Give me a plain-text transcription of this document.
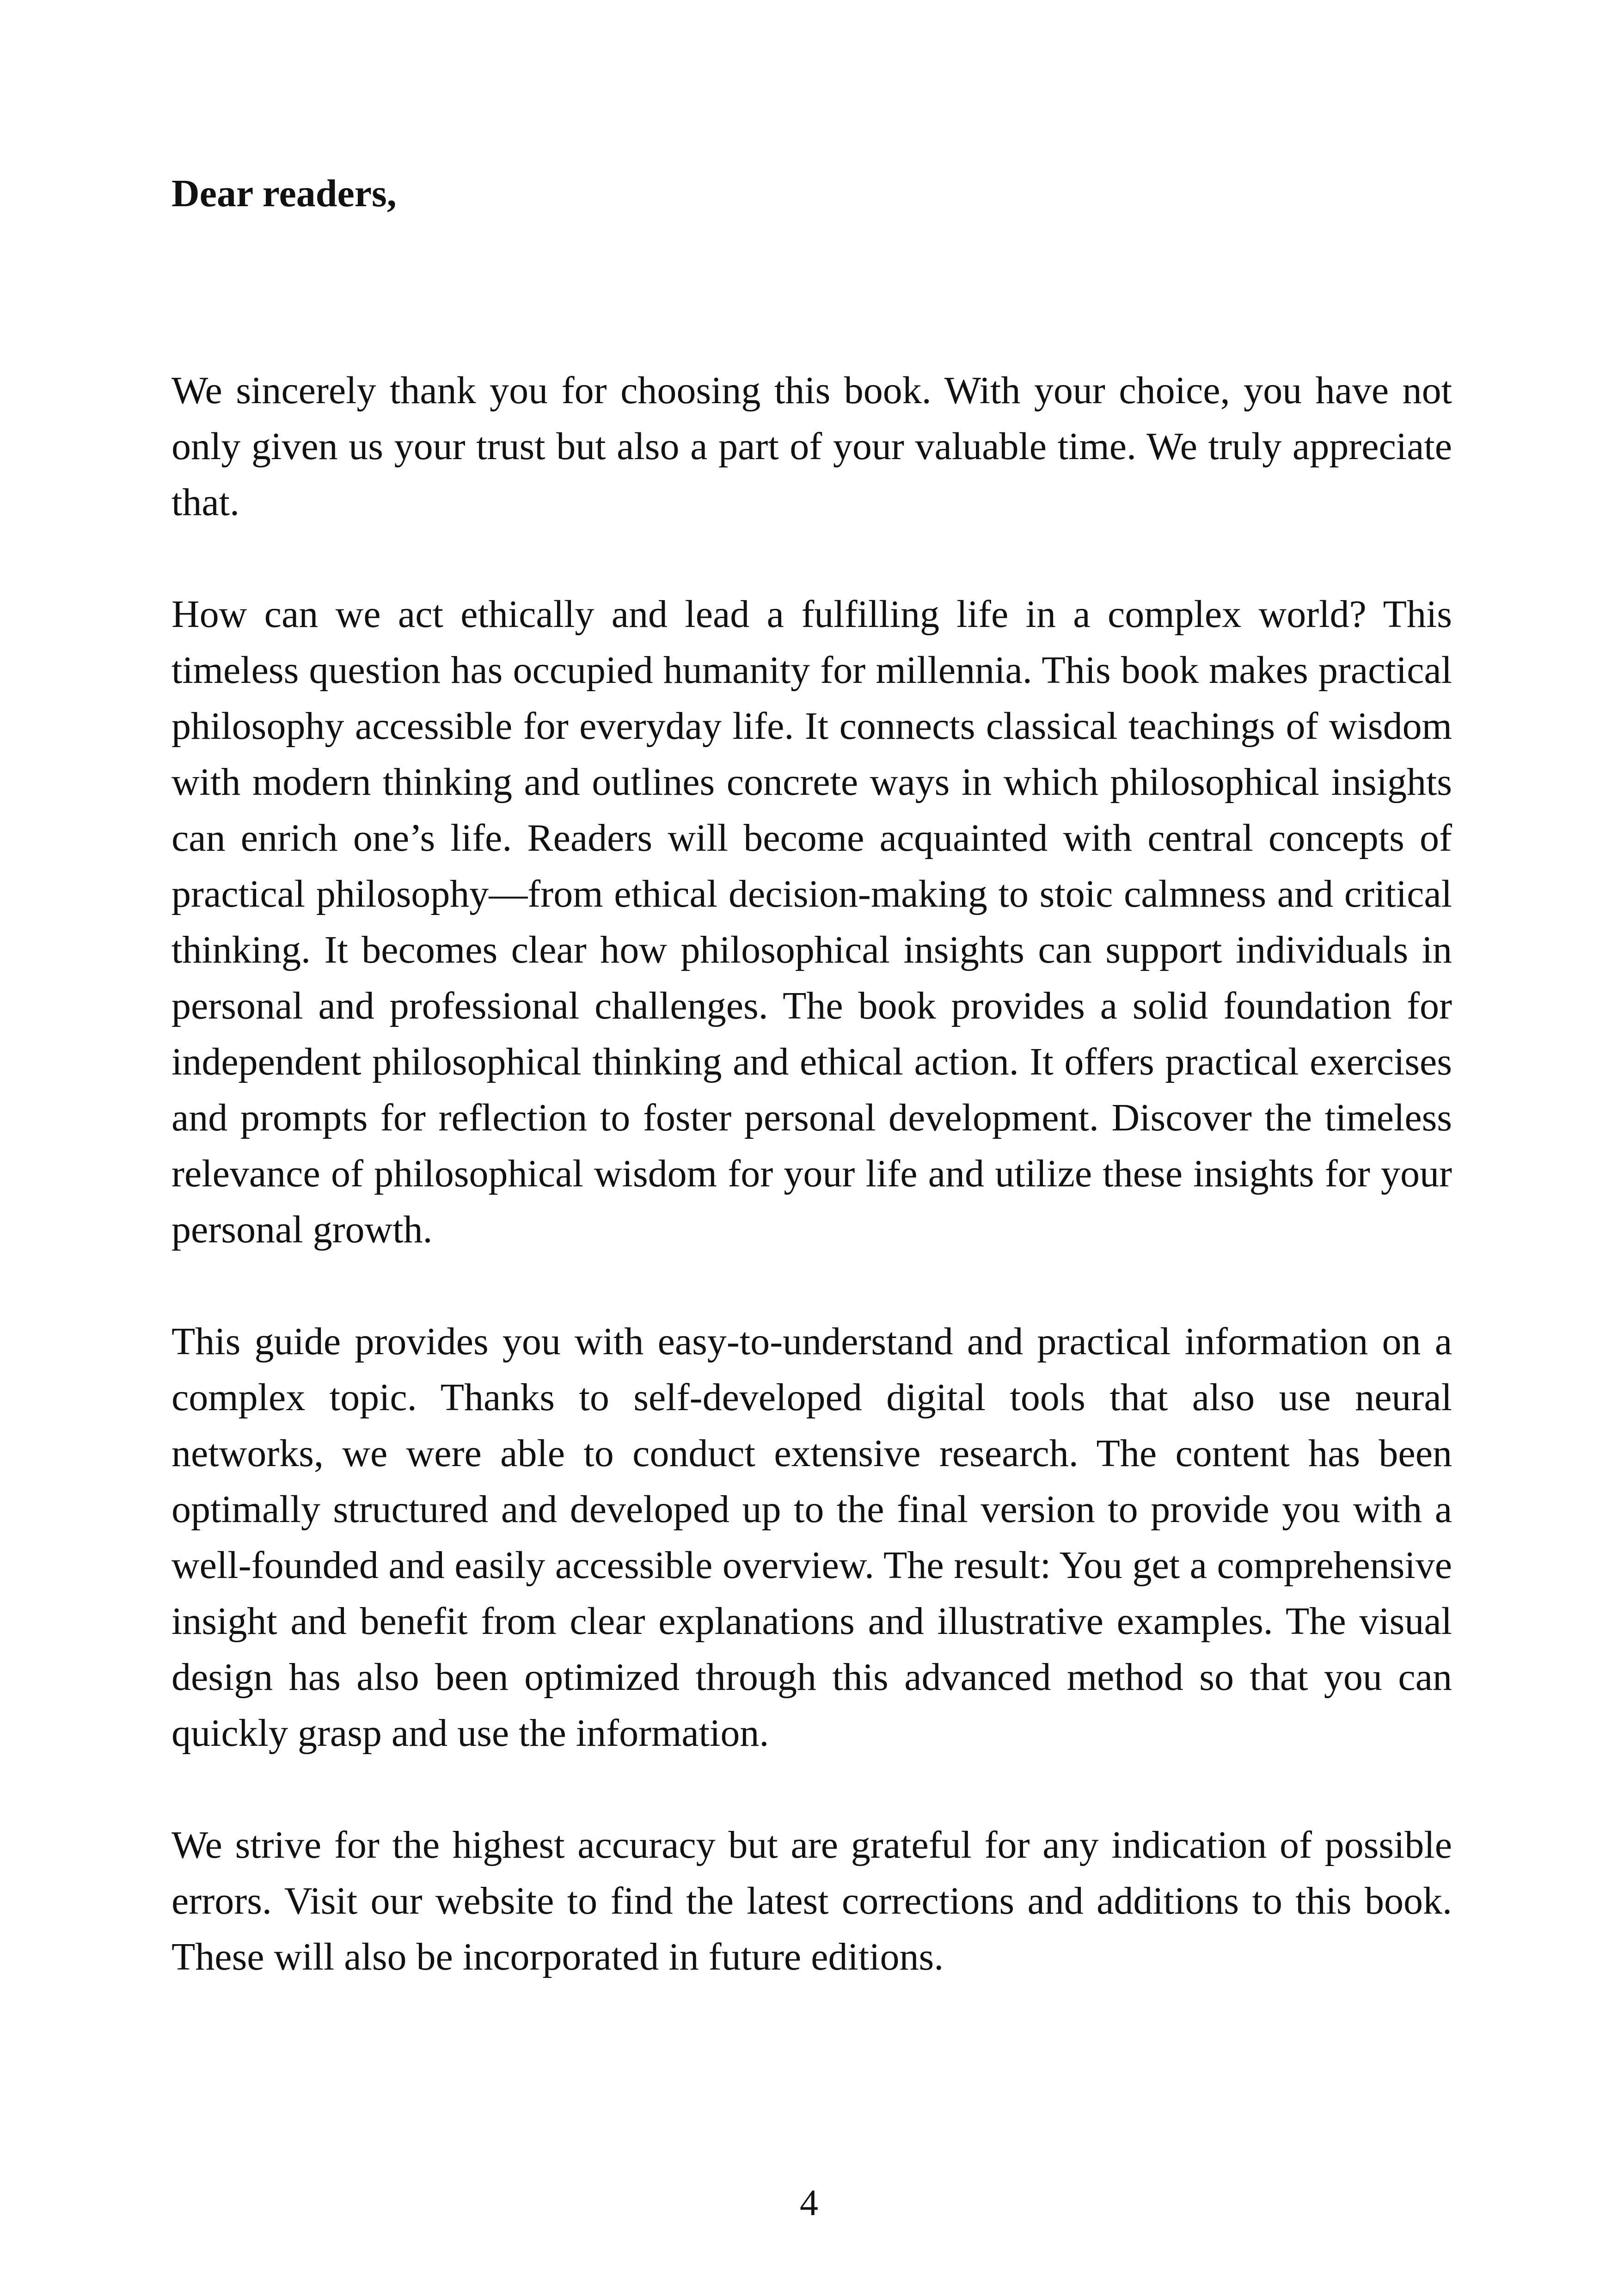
Dear readers,

We sincerely thank you for choosing this book. With your choice, you have not only given us your trust but also a part of your valuable time. We truly appreciate that.

How can we act ethically and lead a fulfilling life in a complex world? This timeless question has occupied humanity for millennia. This book makes practical philosophy accessible for everyday life. It connects classical teachings of wisdom with modern thinking and outlines concrete ways in which philosophical insights can enrich one’s life. Readers will become acquainted with central concepts of practical philosophy—from ethical decision-making to stoic calmness and critical thinking. It becomes clear how philosophical insights can support individuals in personal and professional challenges. The book provides a solid foundation for independent philosophical thinking and ethical action. It offers practical exercises and prompts for reflection to foster personal development. Discover the timeless relevance of philosophical wisdom for your life and utilize these insights for your personal growth.

This guide provides you with easy-to-understand and practical information on a complex topic. Thanks to self-developed digital tools that also use neural networks, we were able to conduct extensive research. The content has been optimally structured and developed up to the final version to provide you with a well-founded and easily accessible overview. The result: You get a comprehensive insight and benefit from clear explanations and illustrative examples. The visual design has also been optimized through this advanced method so that you can quickly grasp and use the information.

We strive for the highest accuracy but are grateful for any indication of possible errors. Visit our website to find the latest corrections and additions to this book. These will also be incorporated in future editions.

4
